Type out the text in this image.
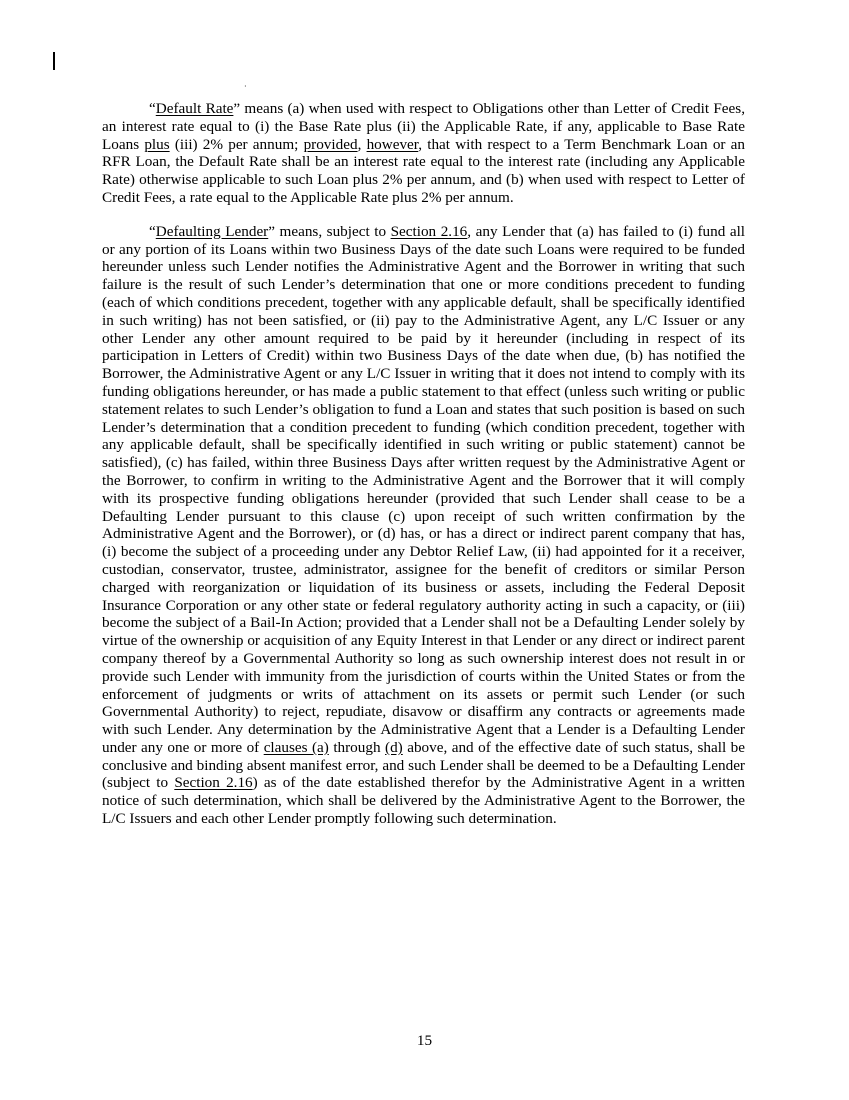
·

“Default Rate” means (a) when used with respect to Obligations other than Letter of Credit Fees, an interest rate equal to (i) the Base Rate plus (ii) the Applicable Rate, if any, applicable to Base Rate Loans plus (iii) 2% per annum; provided, however, that with respect to a Term Benchmark Loan or an RFR Loan, the Default Rate shall be an interest rate equal to the interest rate (including any Applicable Rate) otherwise applicable to such Loan plus 2% per annum, and (b) when used with respect to Letter of Credit Fees, a rate equal to the Applicable Rate plus 2% per annum.

“Defaulting Lender” means, subject to Section 2.16, any Lender that (a) has failed to (i) fund all or any portion of its Loans within two Business Days of the date such Loans were required to be funded hereunder unless such Lender notifies the Administrative Agent and the Borrower in writing that such failure is the result of such Lender’s determination that one or more conditions precedent to funding (each of which conditions precedent, together with any applicable default, shall be specifically identified in such writing) has not been satisfied, or (ii) pay to the Administrative Agent, any L/C Issuer or any other Lender any other amount required to be paid by it hereunder (including in respect of its participation in Letters of Credit) within two Business Days of the date when due, (b) has notified the Borrower, the Administrative Agent or any L/C Issuer in writing that it does not intend to comply with its funding obligations hereunder, or has made a public statement to that effect (unless such writing or public statement relates to such Lender’s obligation to fund a Loan and states that such position is based on such Lender’s determination that a condition precedent to funding (which condition precedent, together with any applicable default, shall be specifically identified in such writing or public statement) cannot be satisfied), (c) has failed, within three Business Days after written request by the Administrative Agent or the Borrower, to confirm in writing to the Administrative Agent and the Borrower that it will comply with its prospective funding obligations hereunder (provided that such Lender shall cease to be a Defaulting Lender pursuant to this clause (c) upon receipt of such written confirmation by the Administrative Agent and the Borrower), or (d) has, or has a direct or indirect parent company that has, (i) become the subject of a proceeding under any Debtor Relief Law, (ii) had appointed for it a receiver, custodian, conservator, trustee, administrator, assignee for the benefit of creditors or similar Person charged with reorganization or liquidation of its business or assets, including the Federal Deposit Insurance Corporation or any other state or federal regulatory authority acting in such a capacity, or (iii) become the subject of a Bail-In Action; provided that a Lender shall not be a Defaulting Lender solely by virtue of the ownership or acquisition of any Equity Interest in that Lender or any direct or indirect parent company thereof by a Governmental Authority so long as such ownership interest does not result in or provide such Lender with immunity from the jurisdiction of courts within the United States or from the enforcement of judgments or writs of attachment on its assets or permit such Lender (or such Governmental Authority) to reject, repudiate, disavow or disaffirm any contracts or agreements made with such Lender. Any determination by the Administrative Agent that a Lender is a Defaulting Lender under any one or more of clauses (a) through (d) above, and of the effective date of such status, shall be conclusive and binding absent manifest error, and such Lender shall be deemed to be a Defaulting Lender (subject to Section 2.16) as of the date established therefor by the Administrative Agent in a written notice of such determination, which shall be delivered by the Administrative Agent to the Borrower, the L/C Issuers and each other Lender promptly following such determination.

15
